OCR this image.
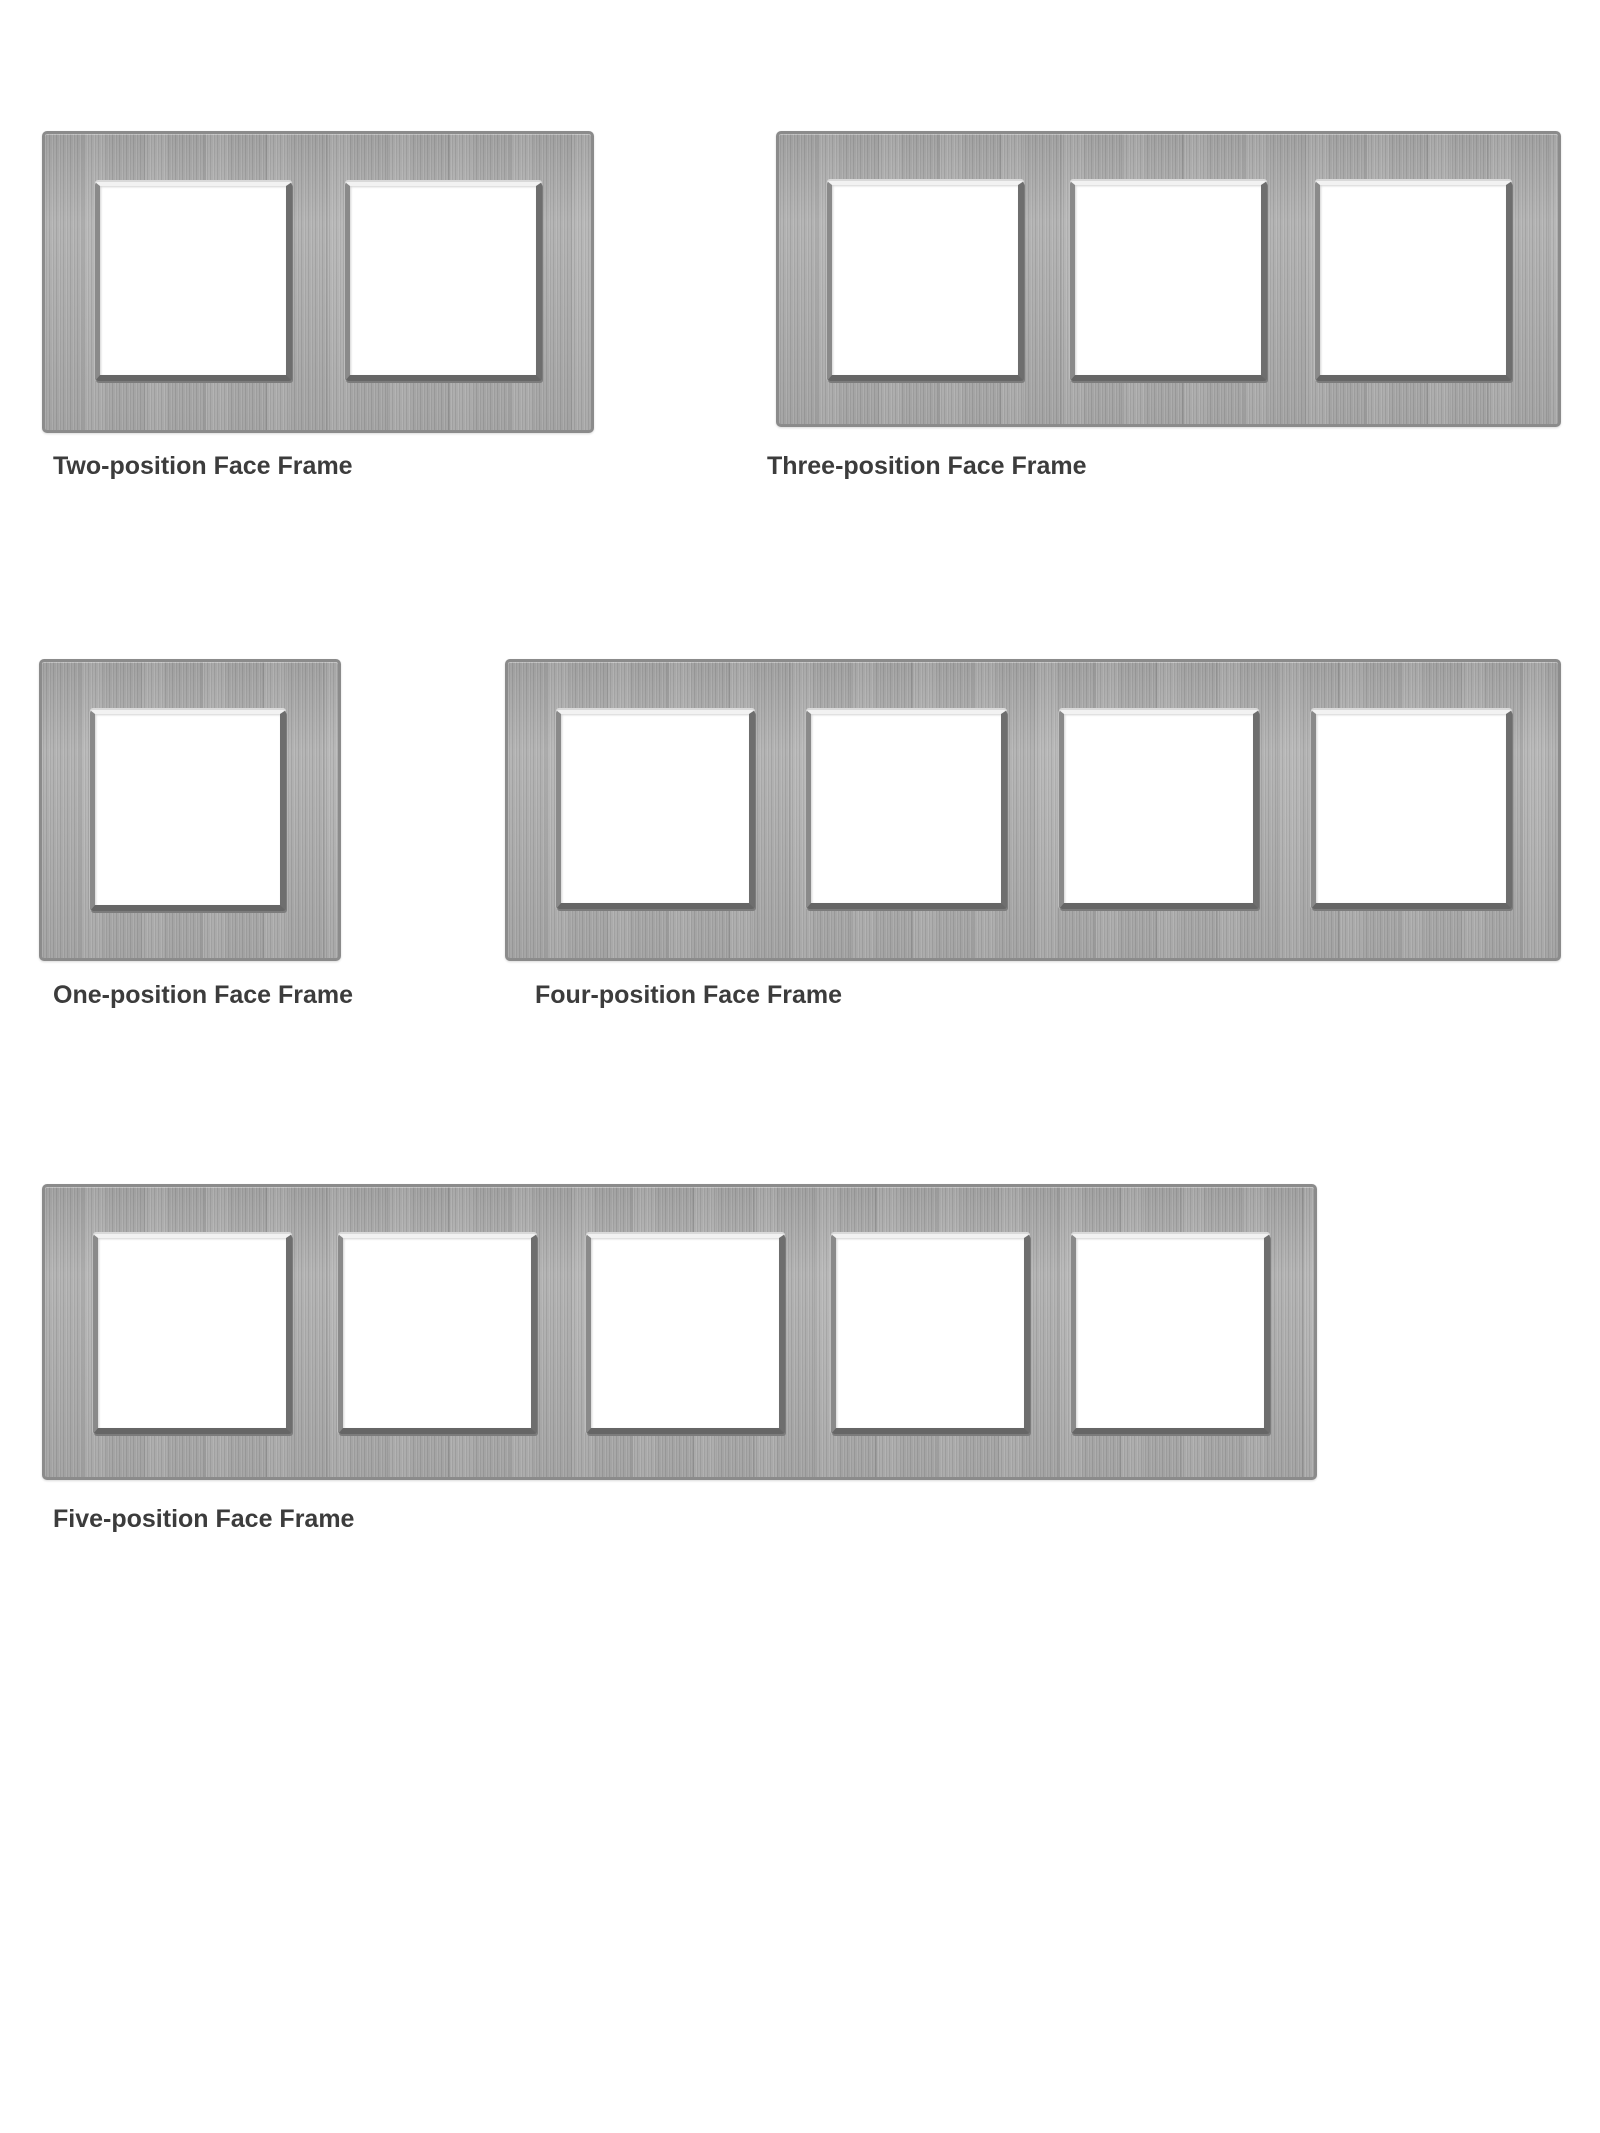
Two-position Face Frame	Three-position Face Frame

One-position Face Frame	Four-position Face Frame

Five-position Face Frame
